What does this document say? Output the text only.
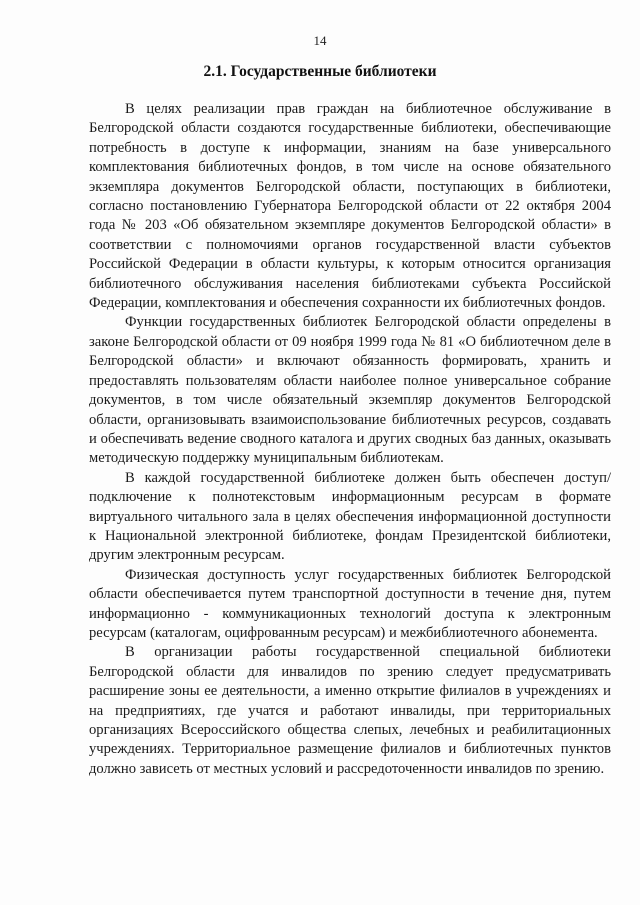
14
2.1. Государственные библиотеки

В целях реализации прав граждан на библиотечное обслуживание в Белгородской области создаются государственные библиотеки, обеспечивающие потребность в доступе к информации, знаниям на базе универсального комплектования библиотечных фондов, в том числе на основе обязательного экземпляра документов Белгородской области, поступающих в библиотеки, согласно постановлению Губернатора Белгородской области от 22 октября 2004 года № 203 «Об обязательном экземпляре документов Белгородской области» в соответствии с полномочиями органов государственной власти субъектов Российской Федерации в области культуры, к которым относится организация библиотечного обслуживания населения библиотеками субъекта Российской Федерации, комплектования и обеспечения сохранности их библиотечных фондов.

Функции государственных библиотек Белгородской области определены в законе Белгородской области от 09 ноября 1999 года № 81 «О библиотечном деле в Белгородской области» и включают обязанность формировать, хранить и предоставлять пользователям области наиболее полное универсальное собрание документов, в том числе обязательный экземпляр документов Белгородской области, организовывать взаимоиспользование библиотечных ресурсов, создавать и обеспечивать ведение сводного каталога и других сводных баз данных, оказывать методическую поддержку муниципальным библиотекам.

В каждой государственной библиотеке должен быть обеспечен доступ/подключение к полнотекстовым информационным ресурсам в формате виртуального читального зала в целях обеспечения информационной доступности к Национальной электронной библиотеке, фондам Президентской библиотеки, другим электронным ресурсам.

Физическая доступность услуг государственных библиотек Белгородской области обеспечивается путем транспортной доступности в течение дня, путем информационно - коммуникационных технологий доступа к электронным ресурсам (каталогам, оцифрованным ресурсам) и межбиблиотечного абонемента.

В организации работы государственной специальной библиотеки Белгородской области для инвалидов по зрению следует предусматривать расширение зоны ее деятельности, а именно открытие филиалов в учреждениях и на предприятиях, где учатся и работают инвалиды, при территориальных организациях Всероссийского общества слепых, лечебных и реабилитационных учреждениях. Территориальное размещение филиалов и библиотечных пунктов должно зависеть от местных условий и рассредоточенности инвалидов по зрению.
